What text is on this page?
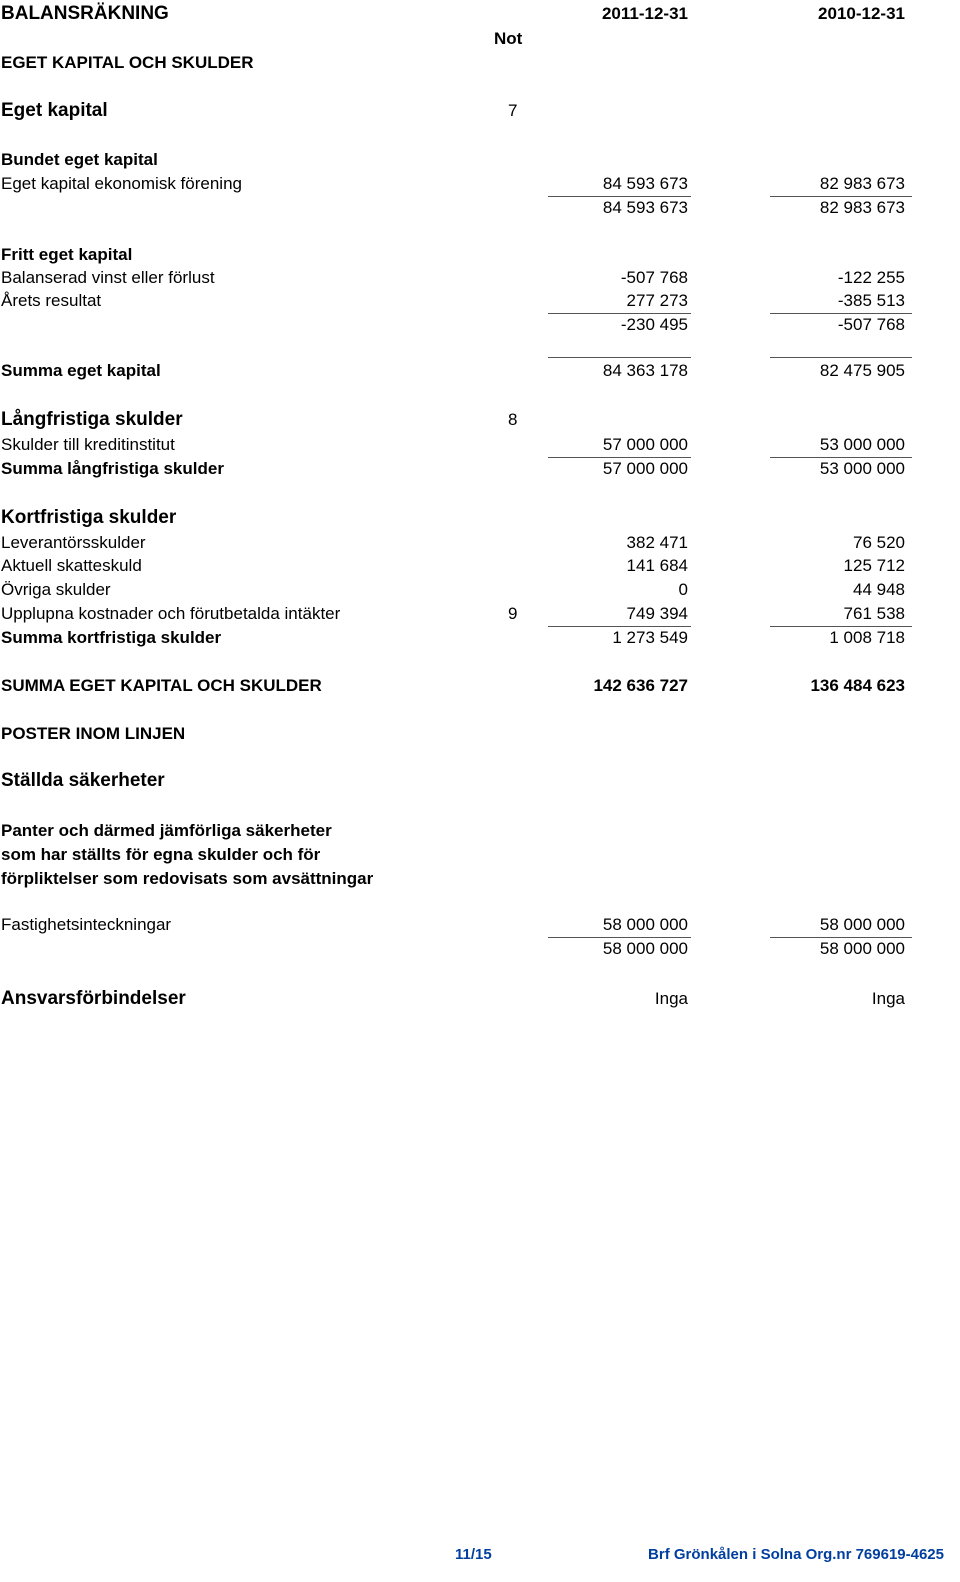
BALANSRÄKNING	2011-12-31	2010-12-31
Not
EGET KAPITAL OCH SKULDER
Eget kapital	7
Bundet eget kapital
Eget kapital ekonomisk förening	84 593 673	82 983 673
84 593 673	82 983 673
Fritt eget kapital
Balanserad vinst eller förlust	-507 768	-122 255
Årets resultat	277 273	-385 513
-230 495	-507 768
Summa eget kapital	84 363 178	82 475 905
Långfristiga skulder	8
Skulder till kreditinstitut	57 000 000	53 000 000
Summa långfristiga skulder	57 000 000	53 000 000
Kortfristiga skulder
Leverantörsskulder	382 471	76 520
Aktuell skatteskuld	141 684	125 712
Övriga skulder	0	44 948
Upplupna kostnader och förutbetalda intäkter	9	749 394	761 538
Summa kortfristiga skulder	1 273 549	1 008 718
SUMMA EGET KAPITAL OCH SKULDER	142 636 727	136 484 623
POSTER INOM LINJEN
Ställda säkerheter
Panter och därmed jämförliga säkerheter
som har ställts för egna skulder och för
förpliktelser som redovisats som avsättningar
Fastighetsinteckningar	58 000 000	58 000 000
58 000 000	58 000 000
Ansvarsförbindelser	Inga	Inga
11/15	Brf Grönkålen i Solna Org.nr 769619-4625
